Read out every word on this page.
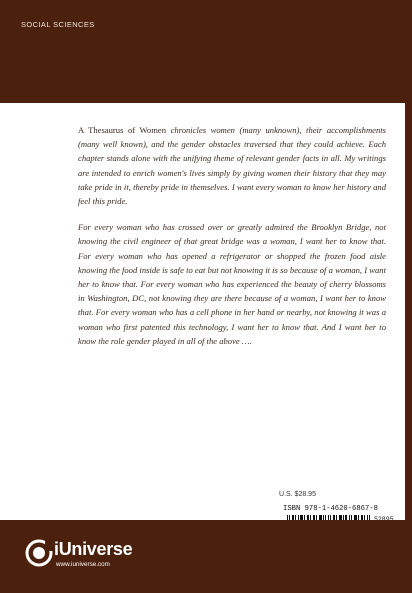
SOCIAL SCIENCES

A Thesaurus of Women chronicles women (many unknown), their accomplishments (many well known), and the gender obstacles traversed that they could achieve. Each chapter stands alone with the unifying theme of relevant gender facts in all. My writings are intended to enrich women's lives simply by giving women their history that they may take pride in it, thereby pride in themselves. I want every woman to know her history and feel this pride.

For every woman who has crossed over or greatly admired the Brooklyn Bridge, not knowing the civil engineer of that great bridge was a woman, I want her to know that. For every woman who has opened a refrigerator or shopped the frozen food aisle knowing the food inside is safe to eat but not knowing it is so because of a woman, I want her to know that. For every woman who has experienced the beauty of cherry blossoms in Washington, DC, not knowing they are there because of a woman, I want her to know that. For every woman who has a cell phone in her hand or nearby, not knowing it was a woman who first patented this technology, I want her to know that. And I want her to know the role gender played in all of the above ….

U.S. $28.95
ISBN 978-1-4620-6867-8
iUniverse
www.iuniverse.com
